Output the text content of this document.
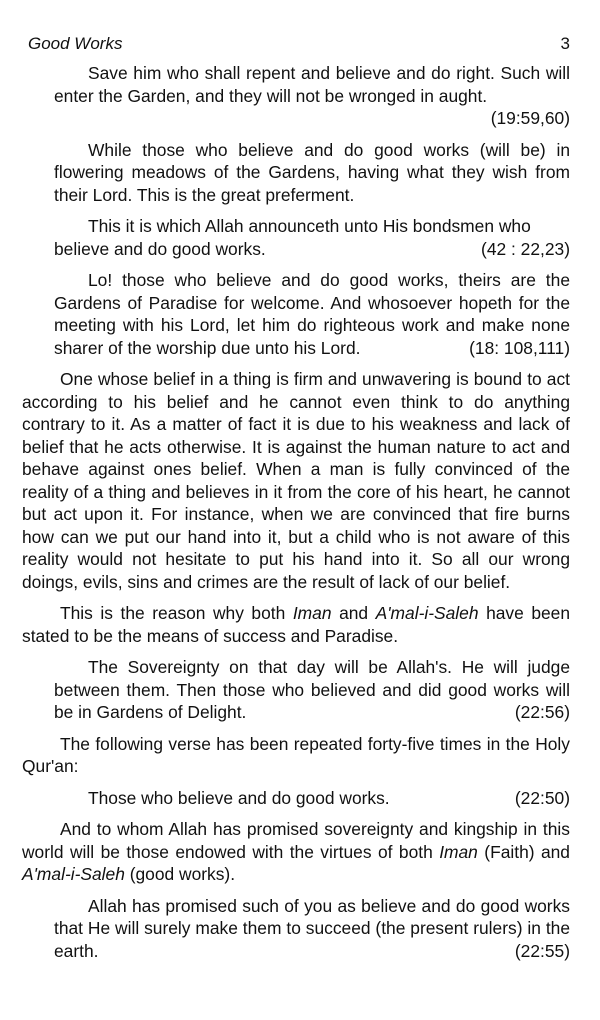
Good Works	3
Save him who shall repent and believe and do right. Such will enter the Garden, and they will not be wronged in aught.
(19:59,60)
While those who believe and do good works (will be) in flowering meadows of the Gardens, having what they wish from their Lord. This is the great preferment.
This it is which Allah announceth unto His bondsmen who
believe and do good works.	(42 : 22,23)
Lo! those who believe and do good works, theirs are the Gardens of Paradise for welcome. And whosoever hopeth for the meeting with his Lord, let him do righteous work and make none sharer of the worship due unto his Lord.	(18: 108,111)
One whose belief in a thing is firm and unwavering is bound to act according to his belief and he cannot even think to do anything contrary to it. As a matter of fact it is due to his weakness and lack of belief that he acts otherwise. It is against the human nature to act and behave against ones belief. When a man is fully convinced of the reality of a thing and believes in it from the core of his heart, he cannot but act upon it. For instance, when we are convinced that fire burns how can we put our hand into it, but a child who is not aware of this reality would not hesitate to put his hand into it. So all our wrong doings, evils, sins and crimes are the result of lack of our belief.
This is the reason why both Iman and A'mal-i-Saleh have been stated to be the means of success and Paradise.
The Sovereignty on that day will be Allah's. He will judge between them. Then those who believed and did good works will be in Gardens of Delight.	(22:56)
The following verse has been repeated forty-five times in the Holy Qur'an:
Those who believe and do good works.	(22:50)
And to whom Allah has promised sovereignty and kingship in this world will be those endowed with the virtues of both Iman (Faith) and A'mal-i-Saleh (good works).
Allah has promised such of you as believe and do good works that He will surely make them to succeed (the present rulers) in the earth.	(22:55)
